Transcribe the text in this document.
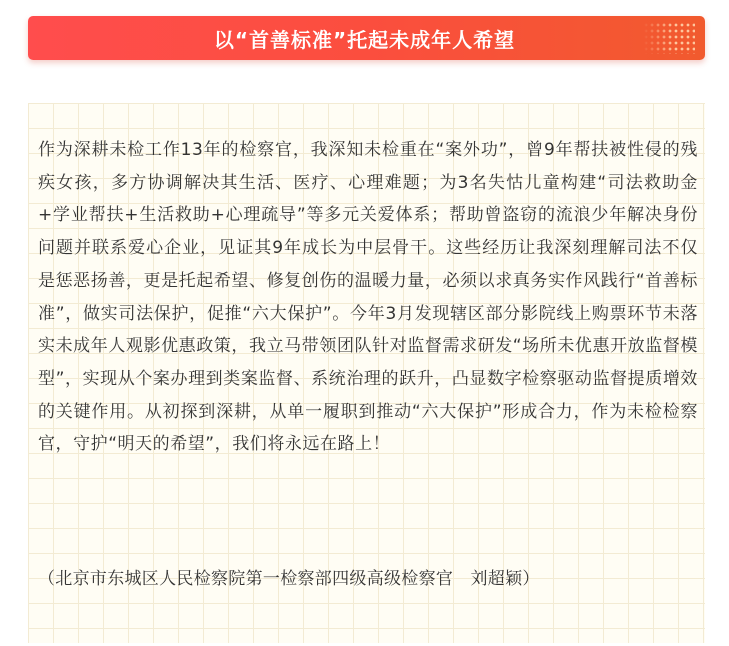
以“首善标准”托起未成年人希望

作为深耕未检工作13年的检察官，我深知未检重在“案外功”，曾9年帮扶被性侵的残疾女孩，多方协调解决其生活、医疗、心理难题；为3名失怙儿童构建“司法救助金+学业帮扶+生活救助+心理疏导”等多元关爱体系；帮助曾盗窃的流浪少年解决身份问题并联系爱心企业，见证其9年成长为中层骨干。这些经历让我深刻理解司法不仅是惩恶扬善，更是托起希望、修复创伤的温暖力量，必须以求真务实作风践行“首善标准”，做实司法保护，促推“六大保护”。今年3月发现辖区部分影院线上购票环节未落实未成年人观影优惠政策，我立马带领团队针对监督需求研发“场所未优惠开放监督模型”，实现从个案办理到类案监督、系统治理的跃升，凸显数字检察驱动监督提质增效的关键作用。从初探到深耕，从单一履职到推动“六大保护”形成合力，作为未检检察官，守护“明天的希望”，我们将永远在路上！

（北京市东城区人民检察院第一检察部四级高级检察官　刘超颖）
